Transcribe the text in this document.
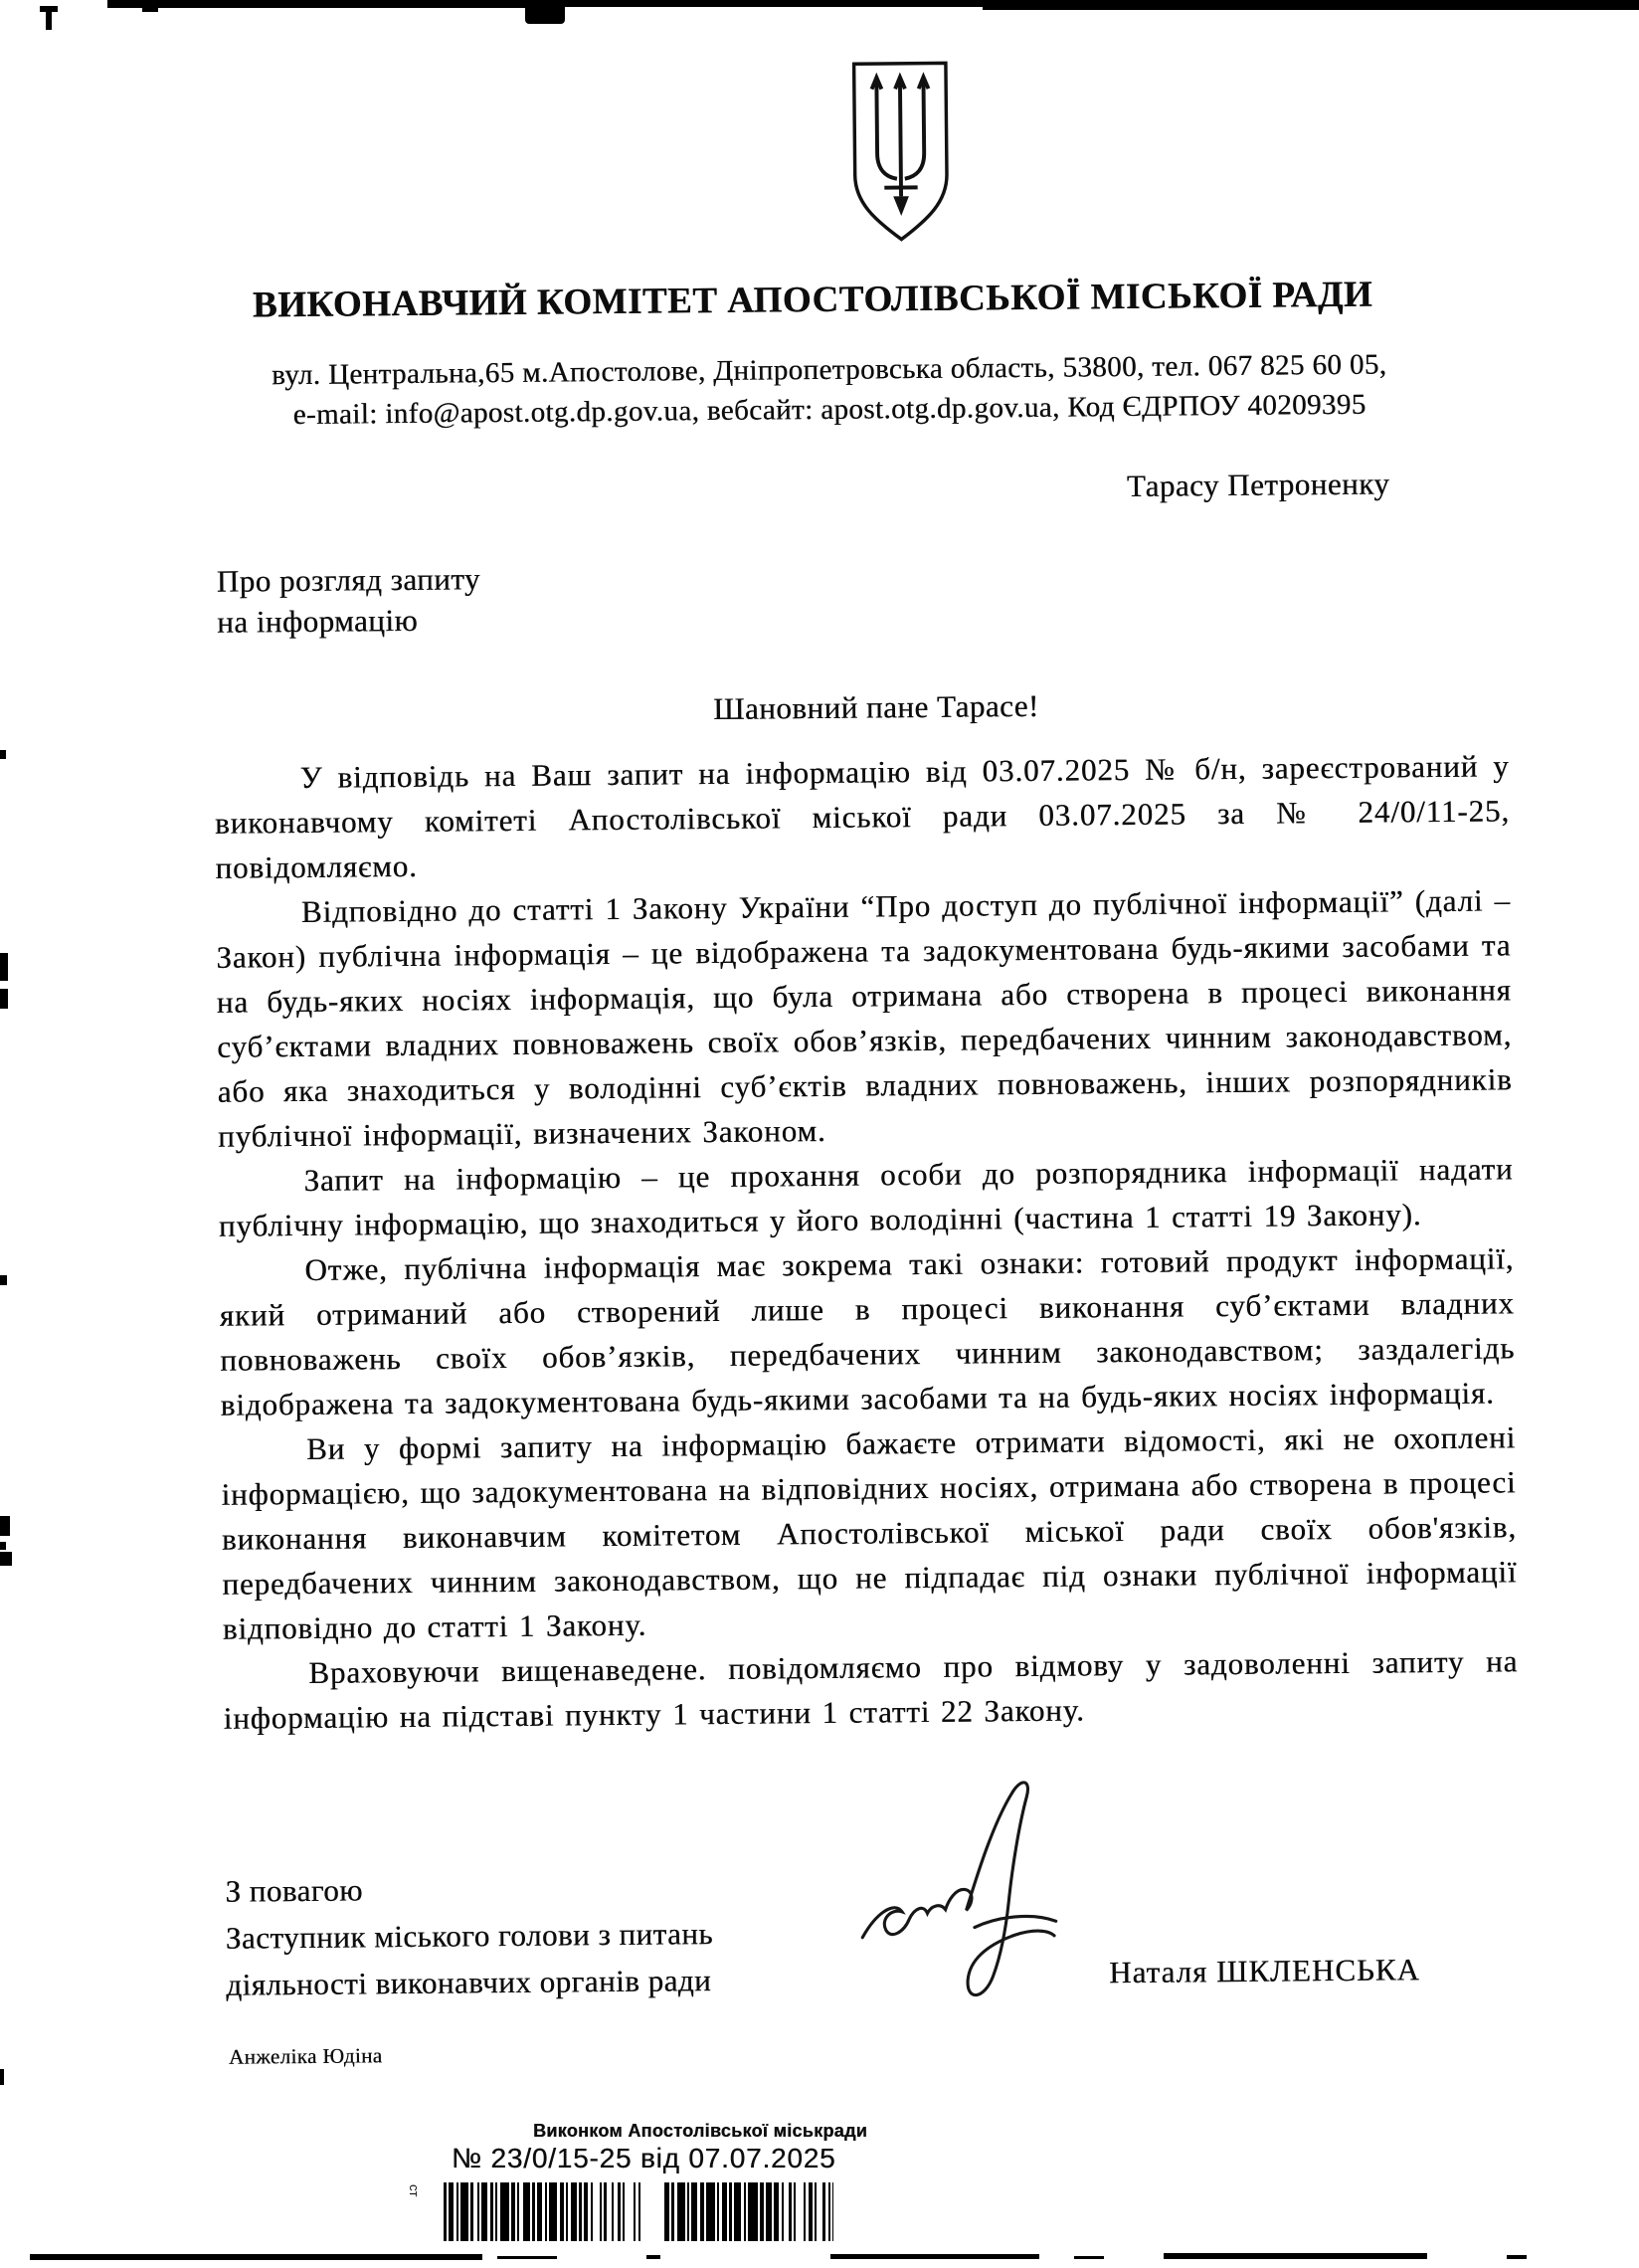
ВИКОНАВЧИЙ КОМІТЕТ АПОСТОЛІВСЬКОЇ МІСЬКОЇ РАДИ
вул. Центральна,65 м.Апостолове, Дніпропетровська область, 53800, тел. 067 825 60 05,
e-mail: info@apost.otg.dp.gov.ua, вебсайт: apost.otg.dp.gov.ua, Код ЄДРПОУ 40209395
Тарасу Петроненку
Про розгляд запиту
на інформацію
Шановний пане Тарасе!

У відповідь на Ваш запит на інформацію від 03.07.2025 № б/н, зареєстрований у виконавчому комітеті Апостолівської міської ради 03.07.2025 за № 24/0/11-25, повідомляємо.

Відповідно до статті 1 Закону України “Про доступ до публічної інформації” (далі – Закон) публічна інформація – це відображена та задокументована будь-якими засобами та на будь-яких носіях інформація, що була отримана або створена в процесі виконання суб’єктами владних повноважень своїх обов’язків, передбачених чинним законодавством, або яка знаходиться у володінні суб’єктів владних повноважень, інших розпорядників публічної інформації, визначених Законом.

Запит на інформацію – це прохання особи до розпорядника інформації надати публічну інформацію, що знаходиться у його володінні (частина 1 статті 19 Закону).

Отже, публічна інформація має зокрема такі ознаки: готовий продукт інформації, який отриманий або створений лише в процесі виконання суб’єктами владних повноважень своїх обов’язків, передбачених чинним законодавством; заздалегідь відображена та задокументована будь-якими засобами та на будь-яких носіях інформація.

Ви у формі запиту на інформацію бажаєте отримати відомості, які не охоплені інформацією, що задокументована на відповідних носіях, отримана або створена в процесі виконання виконавчим комітетом Апостолівської міської ради своїх обов'язків, передбачених чинним законодавством, що не підпадає під ознаки публічної інформації відповідно до статті 1 Закону.

Враховуючи вищенаведене. повідомляємо про відмову у задоволенні запиту на інформацію на підставі пункту 1 частини 1 статті 22 Закону.

З повагою
Заступник міського голови з питань
діяльності виконавчих органів ради	Наталя ШКЛЕНСЬКА
Анжеліка Юдіна
Виконком Апостолівської міськради
№ 23/0/15-25 від 07.07.2025
ст
